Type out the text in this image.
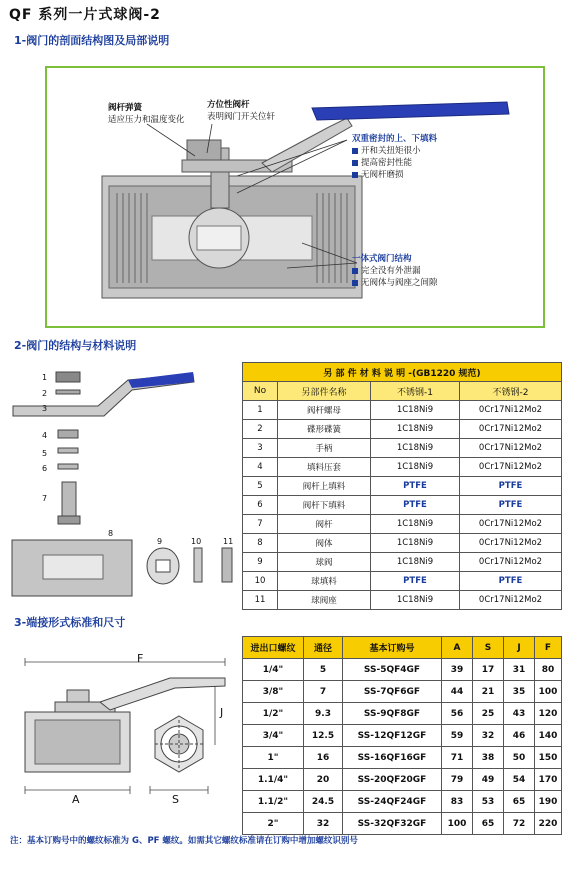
QF 系列一片式球阀-2
1-阀门的剖面结构图及局部说明
阀杆弹簧
适应压力和温度变化
方位性阀杆
表明阀门开关位轩
双重密封的上、下填料
开和关扭矩很小
提高密封性能
无阀杆磨损
一体式阀门结构
完全没有外泄漏
无阀体与阀座之间隙
2-阀门的结构与材料说明
1
2
3
4
5
6
7
8
9	10	11
另 部 件 材 料 说 明 -(GB1220 规范)			
No	另部件名称	不锈钢-1	不锈钢-2
1	阀杆螺母	1C18Ni9	0Cr17Ni12Mo2
2	碟形碟簧	1C18Ni9	0Cr17Ni12Mo2
3	手柄	1C18Ni9	0Cr17Ni12Mo2
4	填料压套	1C18Ni9	0Cr17Ni12Mo2
5	阀杆上填料	PTFE	PTFE
6	阀杆下填料	PTFE	PTFE
7	阀杆	1C18Ni9	0Cr17Ni12Mo2
8	阀体	1C18Ni9	0Cr17Ni12Mo2
9	球阀	1C18Ni9	0Cr17Ni12Mo2
10	球填料	PTFE	PTFE
11	球阀座	1C18Ni9	0Cr17Ni12Mo2
3-端接形式标准和尺寸
F
J
A	S
进出口螺纹	通径	基本订购号	A	S	J	F
1/4"	5	SS-5QF4GF	39	17	31	80
3/8"	7	SS-7QF6GF	44	21	35	100
1/2"	9.3	SS-9QF8GF	56	25	43	120
3/4"	12.5	SS-12QF12GF	59	32	46	140
1"	16	SS-16QF16GF	71	38	50	150
1.1/4"	20	SS-20QF20GF	79	49	54	170
1.1/2"	24.5	SS-24QF24GF	83	53	65	190
2"	32	SS-32QF32GF	100	65	72	220
注：基本订购号中的螺纹标准为 G、PF 螺纹。如需其它螺纹标准请在订购中增加螺纹识别号
